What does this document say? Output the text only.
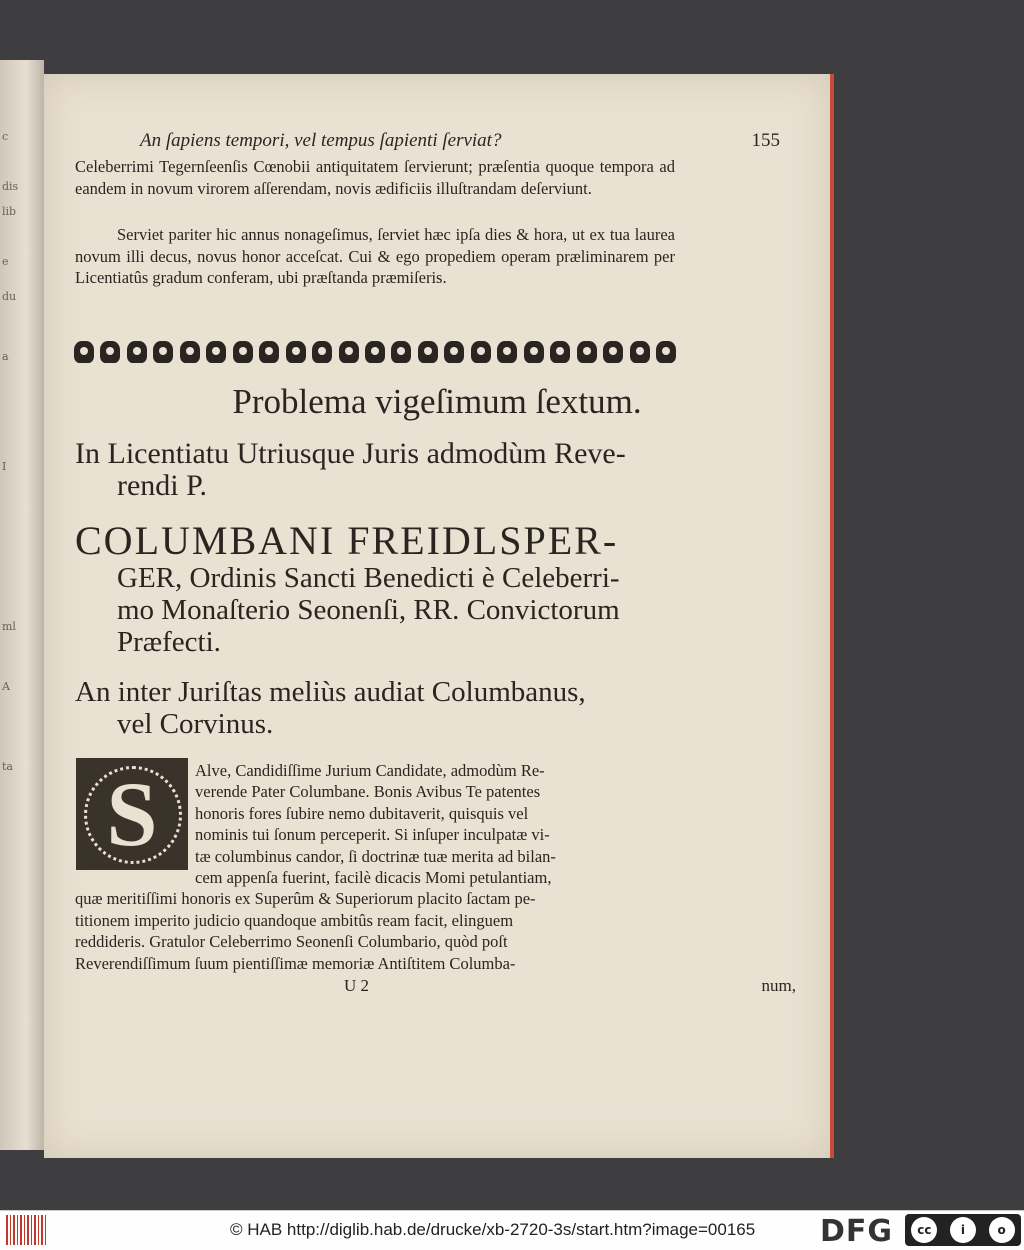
c
dis
lib
e
du
a
I
ml
A
ta
An ſapiens tempori, vel tempus ſapienti ſerviat?	155
Celeberrimi Tegernſeenſis Cœnobii antiquitatem ſervierunt; præſentia quoque tempora ad eandem in novum virorem aſſerendam, novis ædificiis illuſtrandam deſerviunt.
Serviet pariter hic annus nonageſimus, ſerviet hæc ipſa dies & hora, ut ex tua laurea novum illi decus, novus honor acceſcat. Cui & ego propediem operam præliminarem per Licentiatûs gradum conferam, ubi præſtanda præmiſeris.
Problema vigeſimum ſextum.
In Licentiatu Utriusque Juris admodùm Reve-
rendi P.
COLUMBANI FREIDLSPER-
GER, Ordinis Sancti Benedicti è Celeberri-
mo Monaſterio Seonenſi, RR. Convictorum
Præfecti.
An inter Juriſtas meliùs audiat Columbanus,
vel Corvinus.
Alve, Candidiſſime Jurium Candidate, admodùm Re-
verende Pater Columbane. Bonis Avibus Te patentes
honoris fores ſubire nemo dubitaverit, quisquis vel
nominis tui ſonum perceperit. Si inſuper inculpatæ vi-
tæ columbinus candor, ſi doctrinæ tuæ merita ad bilan-
cem appenſa fuerint, facilè dicacis Momi petulantiam,
quæ meritiſſimi honoris ex Superûm & Superiorum placito ſactam pe-
titionem imperito judicio quandoque ambitûs ream facit, elinguem
reddideris. Gratulor Celeberrimo Seonenſi Columbario, quòd poſt
Reverendiſſimum ſuum pientiſſimæ memoriæ Antiſtitem Columba-
S
U 2	num,
© HAB http://diglib.hab.de/drucke/xb-2720-3s/start.htm?image=00165 DFG	cc	i	o
